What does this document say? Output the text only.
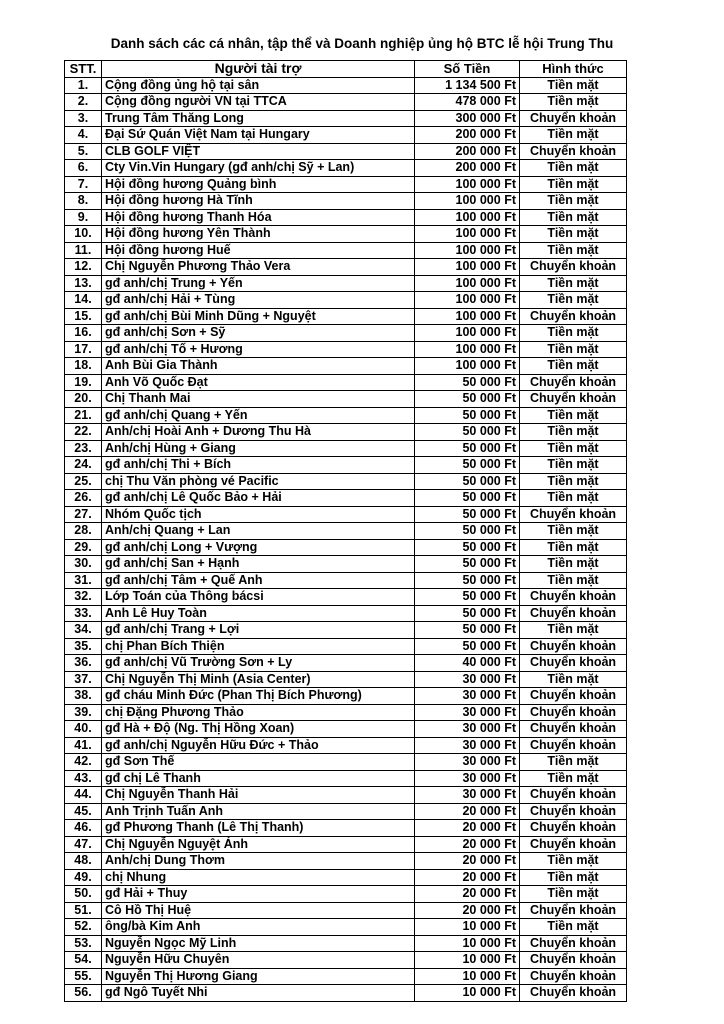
Danh sách các cá nhân, tập thể và Doanh nghiệp ủng hộ BTC lễ hội Trung Thu
STT.	Người tài trợ	Số Tiền	Hình thức
1.	Cộng đồng ủng hộ tại sân	1 134 500 Ft	Tiền mặt
2.	Cộng đồng người VN tại TTCA	478 000 Ft	Tiền mặt
3.	Trung Tâm Thăng Long	300 000 Ft	Chuyển khoản
4.	Đại Sứ Quán Việt Nam tại Hungary	200 000 Ft	Tiền mặt
5.	CLB GOLF VIỆT	200 000 Ft	Chuyển khoản
6.	Cty Vin.Vin Hungary (gđ anh/chị Sỹ + Lan)	200 000 Ft	Tiền mặt
7.	Hội đồng hương Quảng bình	100 000 Ft	Tiền mặt
8.	Hội đồng hương Hà Tĩnh	100 000 Ft	Tiền mặt
9.	Hội đồng hương Thanh Hóa	100 000 Ft	Tiền mặt
10.	Hội đồng hương Yên Thành	100 000 Ft	Tiền mặt
11.	Hội đồng hương Huế	100 000 Ft	Tiền mặt
12.	Chị Nguyễn Phương Thảo Vera	100 000 Ft	Chuyển khoản
13.	gđ anh/chị Trung + Yến	100 000 Ft	Tiền mặt
14.	gđ anh/chị Hải + Tùng	100 000 Ft	Tiền mặt
15.	gđ anh/chị Bùi Minh Dũng + Nguyệt	100 000 Ft	Chuyển khoản
16.	gđ anh/chị Sơn + Sỹ	100 000 Ft	Tiền mặt
17.	gđ anh/chị Tố + Hương	100 000 Ft	Tiền mặt
18.	Anh Bùi Gia Thành	100 000 Ft	Tiền mặt
19.	Anh Võ Quốc Đạt	50 000 Ft	Chuyển khoản
20.	Chị Thanh Mai	50 000 Ft	Chuyển khoản
21.	gđ anh/chị Quang + Yến	50 000 Ft	Tiền mặt
22.	Anh/chị Hoài Anh + Dương Thu Hà	50 000 Ft	Tiền mặt
23.	Anh/chị Hùng + Giang	50 000 Ft	Tiền mặt
24.	gđ anh/chị Thi + Bích	50 000 Ft	Tiền mặt
25.	chị Thu Văn phòng vé Pacific	50 000 Ft	Tiền mặt
26.	gđ anh/chị Lê Quốc Bảo + Hải	50 000 Ft	Tiền mặt
27.	Nhóm Quốc tịch	50 000 Ft	Chuyển khoản
28.	Anh/chị Quang + Lan	50 000 Ft	Tiền mặt
29.	gđ anh/chị Long + Vượng	50 000 Ft	Tiền mặt
30.	gđ anh/chị San + Hạnh	50 000 Ft	Tiền mặt
31.	gđ anh/chị Tâm + Quế Anh	50 000 Ft	Tiền mặt
32.	Lớp Toán của Thông bácsi	50 000 Ft	Chuyển khoản
33.	Anh Lê Huy Toàn	50 000 Ft	Chuyển khoản
34.	gđ anh/chị Trang + Lợi	50 000 Ft	Tiền mặt
35.	chị Phan Bích Thiện	50 000 Ft	Chuyển khoản
36.	gđ anh/chị Vũ Trường Sơn + Ly	40 000 Ft	Chuyển khoản
37.	Chị Nguyễn Thị Minh (Asia Center)	30 000 Ft	Tiền mặt
38.	gđ cháu Minh Đức (Phan Thị Bích Phương)	30 000 Ft	Chuyển khoản
39.	chị Đặng Phương Thảo	30 000 Ft	Chuyển khoản
40.	gđ Hà + Độ (Ng. Thị Hồng Xoan)	30 000 Ft	Chuyển khoản
41.	gđ anh/chị Nguyễn Hữu Đức + Thảo	30 000 Ft	Chuyển khoản
42.	gđ Sơn Thế	30 000 Ft	Tiền mặt
43.	gđ chị Lê Thanh	30 000 Ft	Tiền mặt
44.	Chị Nguyễn Thanh Hải	30 000 Ft	Chuyển khoản
45.	Anh Trịnh Tuấn Anh	20 000 Ft	Chuyển khoản
46.	gđ Phương Thanh (Lê Thị Thanh)	20 000 Ft	Chuyển khoản
47.	Chị Nguyễn Nguyệt Ánh	20 000 Ft	Chuyển khoản
48.	Anh/chị Dung Thơm	20 000 Ft	Tiền mặt
49.	chị Nhung	20 000 Ft	Tiền mặt
50.	gđ Hải + Thuy	20 000 Ft	Tiền mặt
51.	Cô Hồ Thị Huệ	20 000 Ft	Chuyển khoản
52.	ông/bà Kim Anh	10 000 Ft	Tiền mặt
53.	Nguyễn Ngọc Mỹ Linh	10 000 Ft	Chuyển khoản
54.	Nguyễn Hữu Chuyên	10 000 Ft	Chuyển khoản
55.	Nguyễn Thị Hương Giang	10 000 Ft	Chuyển khoản
56.	gđ Ngô Tuyết Nhi	10 000 Ft	Chuyển khoản
